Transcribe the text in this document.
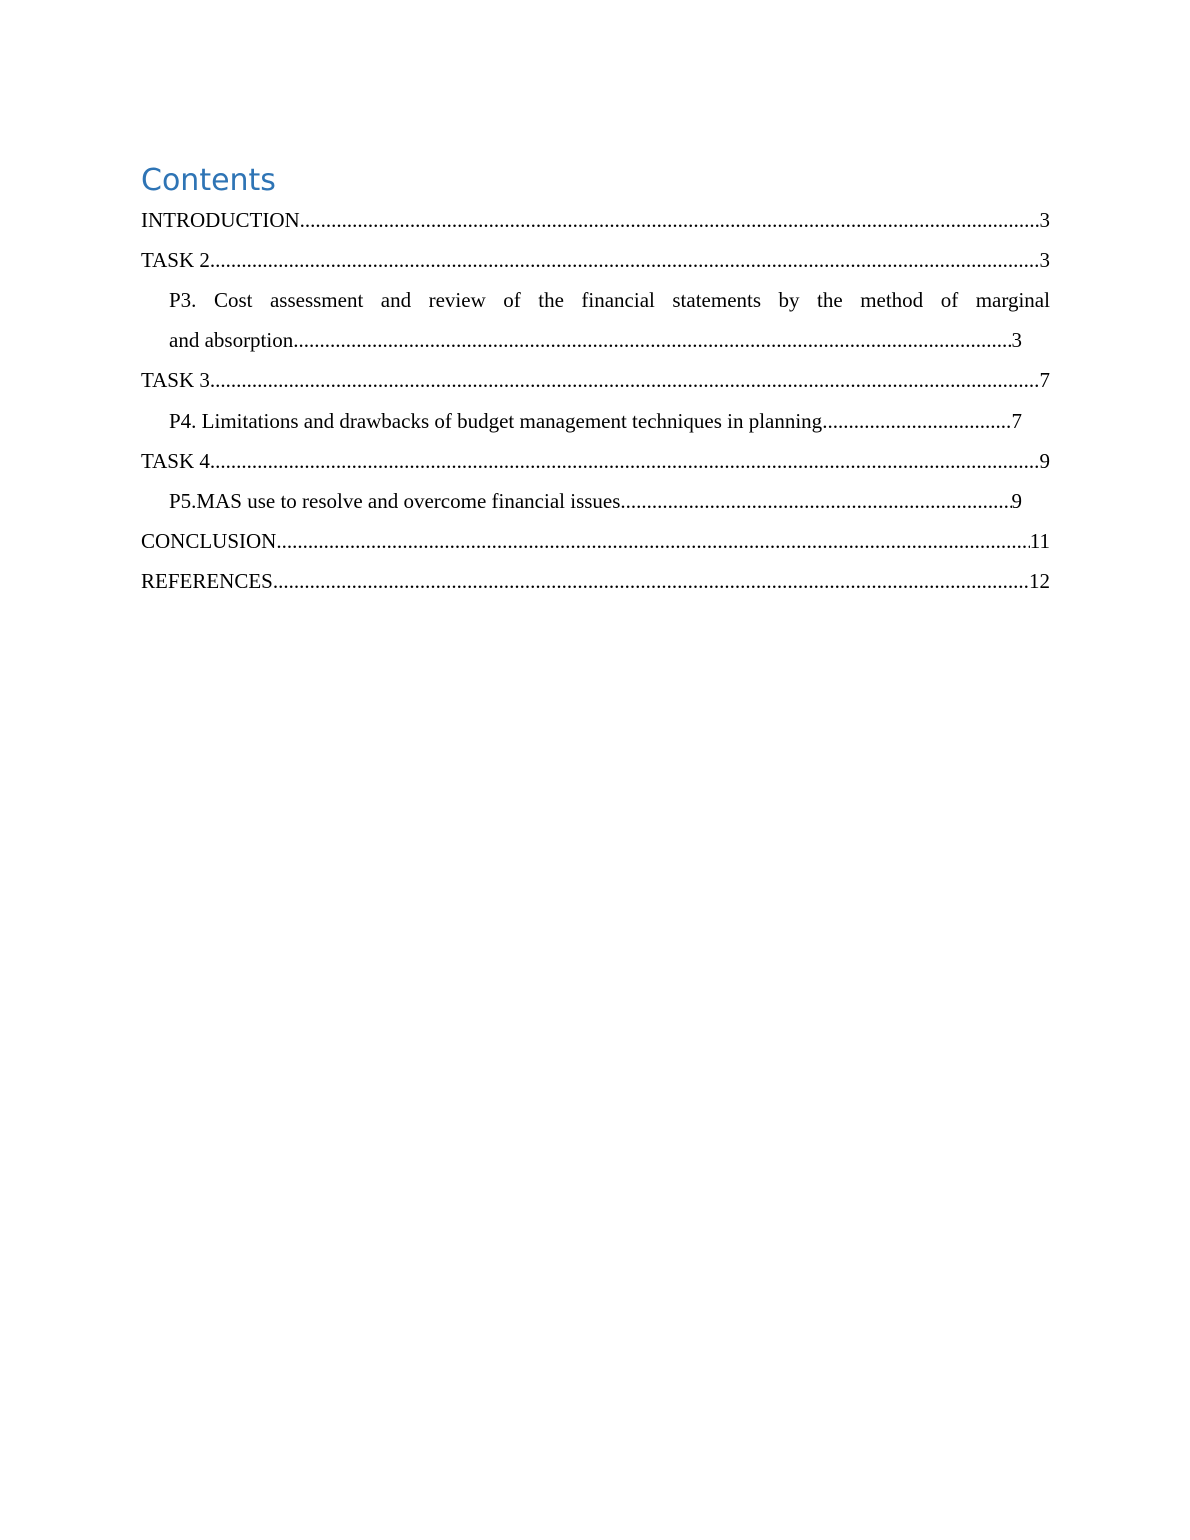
Contents
INTRODUCTION .....	3
TASK 2 .....	3
P3. Cost assessment and review of the financial statements by the method of marginal
and absorption .....	3
TASK 3 .....	7
P4. Limitations and drawbacks of budget management techniques in planning .....	7
TASK 4 .....	9
P5.MAS use to resolve and overcome financial issues .....	9
CONCLUSION .....	11
REFERENCES .....	12
